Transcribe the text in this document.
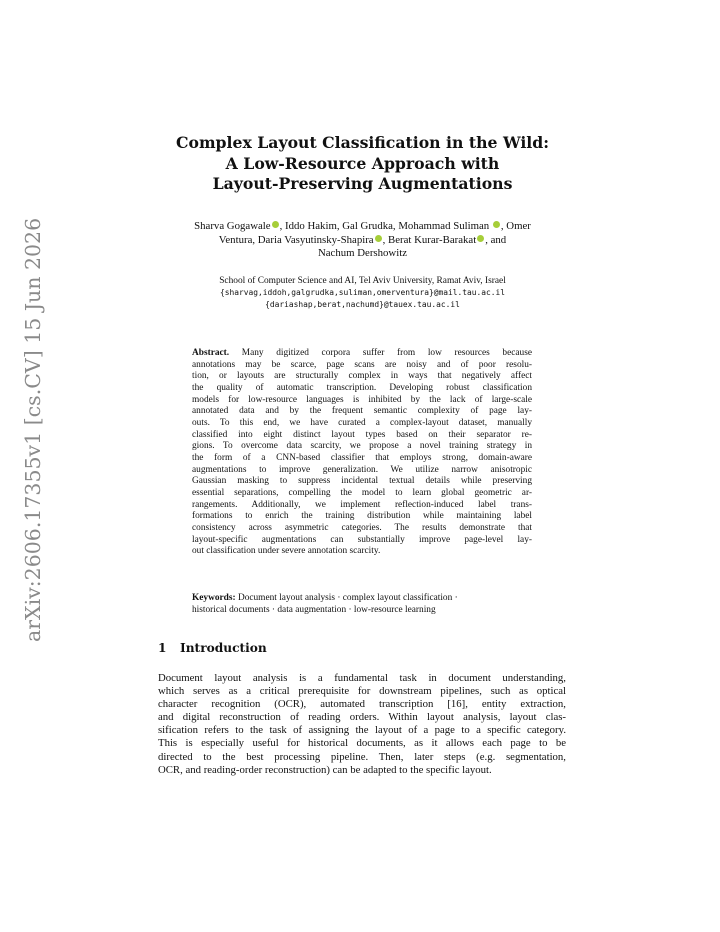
arXiv:2606.17355v1 [cs.CV] 15 Jun 2026
Complex Layout Classification in the Wild:
A Low-Resource Approach with
Layout-Preserving Augmentations
Sharva Gogawale , Iddo Hakim, Gal Grudka, Mohammad Suliman , Omer
Ventura, Daria Vasyutinsky-Shapira , Berat Kurar-Barakat , and
Nachum Dershowitz
School of Computer Science and AI, Tel Aviv University, Ramat Aviv, Israel
{sharvag,iddoh,galgrudka,suliman,omerventura}@mail.tau.ac.il
{dariashap,berat,nachumd}@tauex.tau.ac.il
Abstract. Many digitized corpora suffer from low resources because
annotations may be scarce, page scans are noisy and of poor resolu-
tion, or layouts are structurally complex in ways that negatively affect
the quality of automatic transcription. Developing robust classification
models for low-resource languages is inhibited by the lack of large-scale
annotated data and by the frequent semantic complexity of page lay-
outs. To this end, we have curated a complex-layout dataset, manually
classified into eight distinct layout types based on their separator re-
gions. To overcome data scarcity, we propose a novel training strategy in
the form of a CNN-based classifier that employs strong, domain-aware
augmentations to improve generalization. We utilize narrow anisotropic
Gaussian masking to suppress incidental textual details while preserving
essential separations, compelling the model to learn global geometric ar-
rangements. Additionally, we implement reflection-induced label trans-
formations to enrich the training distribution while maintaining label
consistency across asymmetric categories. The results demonstrate that
layout-specific augmentations can substantially improve page-level lay-
out classification under severe annotation scarcity.
Keywords: Document layout analysis · complex layout classification ·
historical documents · data augmentation · low-resource learning
1 Introduction
Document layout analysis is a fundamental task in document understanding,
which serves as a critical prerequisite for downstream pipelines, such as optical
character recognition (OCR), automated transcription [16], entity extraction,
and digital reconstruction of reading orders. Within layout analysis, layout clas-
sification refers to the task of assigning the layout of a page to a specific category.
This is especially useful for historical documents, as it allows each page to be
directed to the best processing pipeline. Then, later steps (e.g. segmentation,
OCR, and reading-order reconstruction) can be adapted to the specific layout.
